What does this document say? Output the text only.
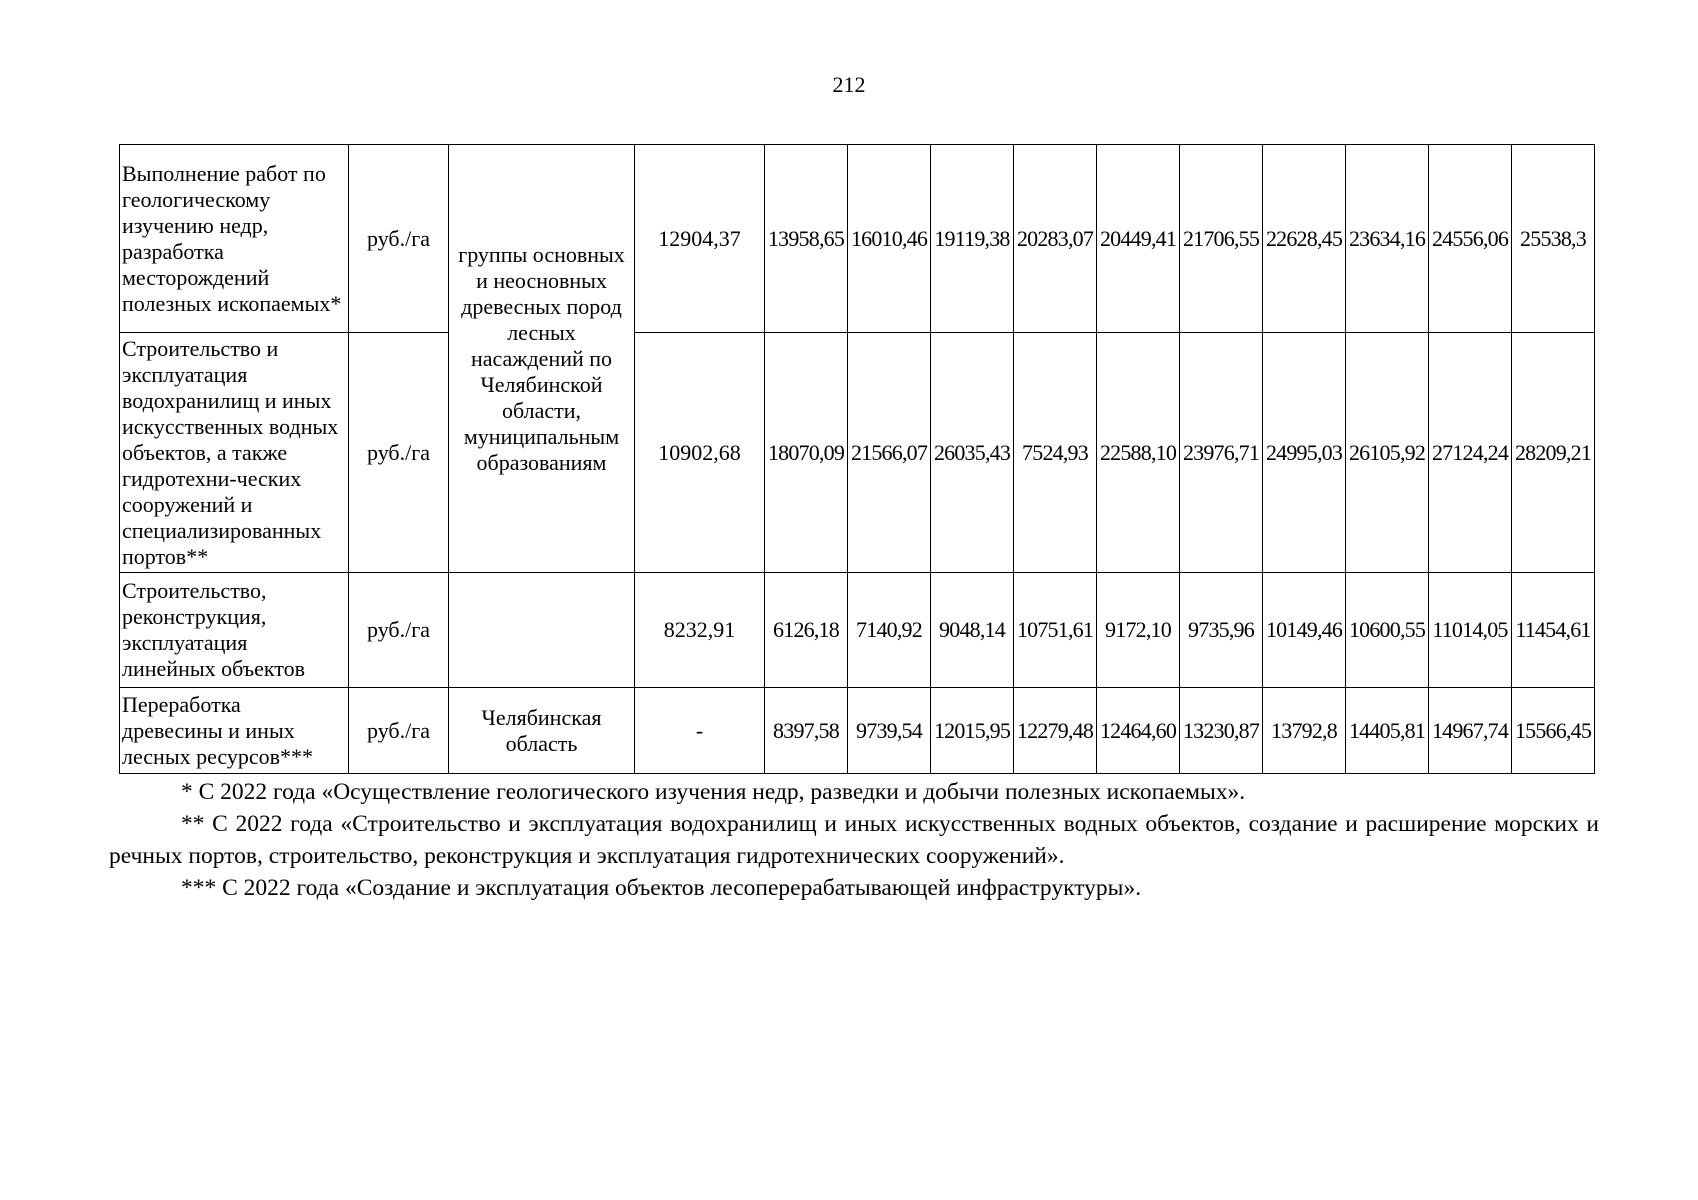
212
Выполнение работ по геологическому изучению недр, разработка месторождений полезных ископаемых*	руб./га	группы основных и неосновных древесных пород лесных насаждений по Челябинской области, муниципальным образованиям	12904,37	13958,65	16010,46	19119,38	20283,07	20449,41	21706,55	22628,45	23634,16	24556,06	25538,3
Строительство и эксплуатация водохранилищ и иных искусственных водных объектов, а также гидротехни-ческих сооружений и специализированных портов**	руб./га		10902,68	18070,09	21566,07	26035,43	7524,93	22588,10	23976,71	24995,03	26105,92	27124,24	28209,21
Строительство, реконструкция, эксплуатация линейных объектов	руб./га		8232,91	6126,18	7140,92	9048,14	10751,61	9172,10	9735,96	10149,46	10600,55	11014,05	11454,61
Переработка древесины и иных лесных ресурсов***	руб./га	Челябинская область	-	8397,58	9739,54	12015,95	12279,48	12464,60	13230,87	13792,8	14405,81	14967,74	15566,45

* С 2022 года «Осуществление геологического изучения недр, разведки и добычи полезных ископаемых».

** С 2022 года «Строительство и эксплуатация водохранилищ и иных искусственных водных объектов, создание и расширение морских и речных портов, строительство, реконструкция и эксплуатация гидротехнических сооружений».

*** С 2022 года «Создание и эксплуатация объектов лесоперерабатывающей инфраструктуры».
